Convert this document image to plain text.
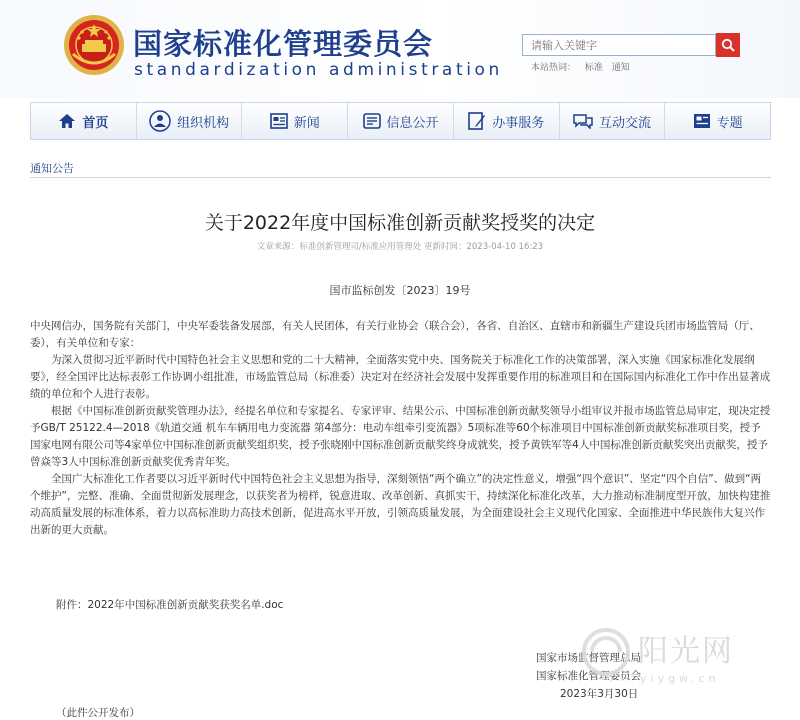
国家标准化管理委员会
standardization administration
请输入关键字	本站热词： 标准 通知
首页	组织机构	新闻	信息公开	办事服务	互动交流	专题
通知公告
关于2022年度中国标准创新贡献奖授奖的决定
文章来源：标准创新管理司/标准应用管理处 更新时间：2023-04-10 16:23
国市监标创发〔2023〕19号

中央网信办，国务院有关部门，中央军委装备发展部，有关人民团体，有关行业协会（联合会），各省、自治区、直辖市和新疆生产建设兵团市场监管局（厅、委），有关单位和专家：

为深入贯彻习近平新时代中国特色社会主义思想和党的二十大精神，全面落实党中央、国务院关于标准化工作的决策部署，深入实施《国家标准化发展纲要》，经全国评比达标表彰工作协调小组批准，市场监管总局（标准委）决定对在经济社会发展中发挥重要作用的标准项目和在国际国内标准化工作中作出显著成绩的单位和个人进行表彰。

根据《中国标准创新贡献奖管理办法》，经提名单位和专家提名、专家评审、结果公示、中国标准创新贡献奖领导小组审议并报市场监管总局审定，现决定授予GB/T 25122.4—2018《轨道交通 机车车辆用电力变流器 第4部分：电动车组牵引变流器》5项标准等60个标准项目中国标准创新贡献奖标准项目奖，授予国家电网有限公司等4家单位中国标准创新贡献奖组织奖，授予张晓刚中国标准创新贡献奖终身成就奖，授予黄铁军等4人中国标准创新贡献奖突出贡献奖，授予曾焱等3人中国标准创新贡献奖优秀青年奖。

全国广大标准化工作者要以习近平新时代中国特色社会主义思想为指导，深刻领悟“两个确立”的决定性意义，增强“四个意识”、坚定“四个自信”、做到“两个维护”，完整、准确、全面贯彻新发展理念，以获奖者为榜样，锐意进取、改革创新、真抓实干，持续深化标准化改革，大力推动标准制度型开放，加快构建推动高质量发展的标准体系，着力以高标准助力高技术创新，促进高水平开放，引领高质量发展，为全面建设社会主义现代化国家、全面推进中华民族伟大复兴作出新的更大贡献。

附件：2022年中国标准创新贡献奖获奖名单.doc
国家市场监督管理总局
国家标准化管理委员会
2023年3月30日
（此件公开发布）
阳光网
yiygw.cn
